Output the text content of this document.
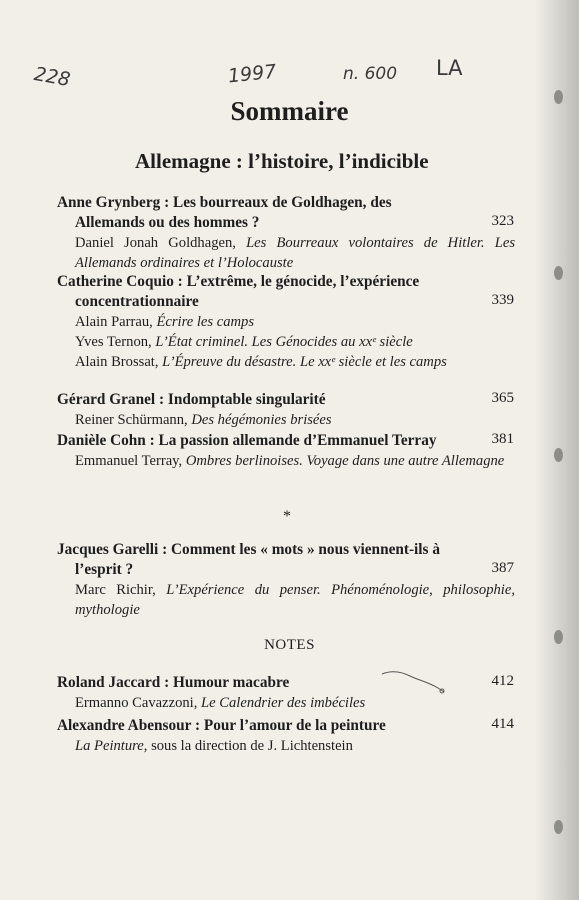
228	1997	n. 600 LA
Sommaire
Allemagne : l’histoire, l’indicible
Anne Grynberg : Les bourreaux de Goldhagen, des
Allemands ou des hommes ?
Daniel Jonah Goldhagen, Les Bourreaux volontaires de Hitler. Les Allemands ordinaires et l’Holocauste
323
Catherine Coquio : L’extrême, le génocide, l’expérience
concentrationnaire
Alain Parrau, Écrire les camps
Yves Ternon, L’État criminel. Les Génocides au xxᵉ siècle
Alain Brossat, L’Épreuve du désastre. Le xxᵉ siècle et les camps
339
Gérard Granel : Indomptable singularité
Reiner Schürmann, Des hégémonies brisées
365
Danièle Cohn : La passion allemande d’Emmanuel Terray
Emmanuel Terray, Ombres berlinoises. Voyage dans une autre Allemagne
381
*
Jacques Garelli : Comment les « mots » nous viennent-ils à
l’esprit ?
Marc Richir, L’Expérience du penser. Phénoménologie, philosophie, mythologie
387
NOTES
Roland Jaccard : Humour macabre
Ermanno Cavazzoni, Le Calendrier des imbéciles
412
Alexandre Abensour : Pour l’amour de la peinture
La Peinture, sous la direction de J. Lichtenstein
414
